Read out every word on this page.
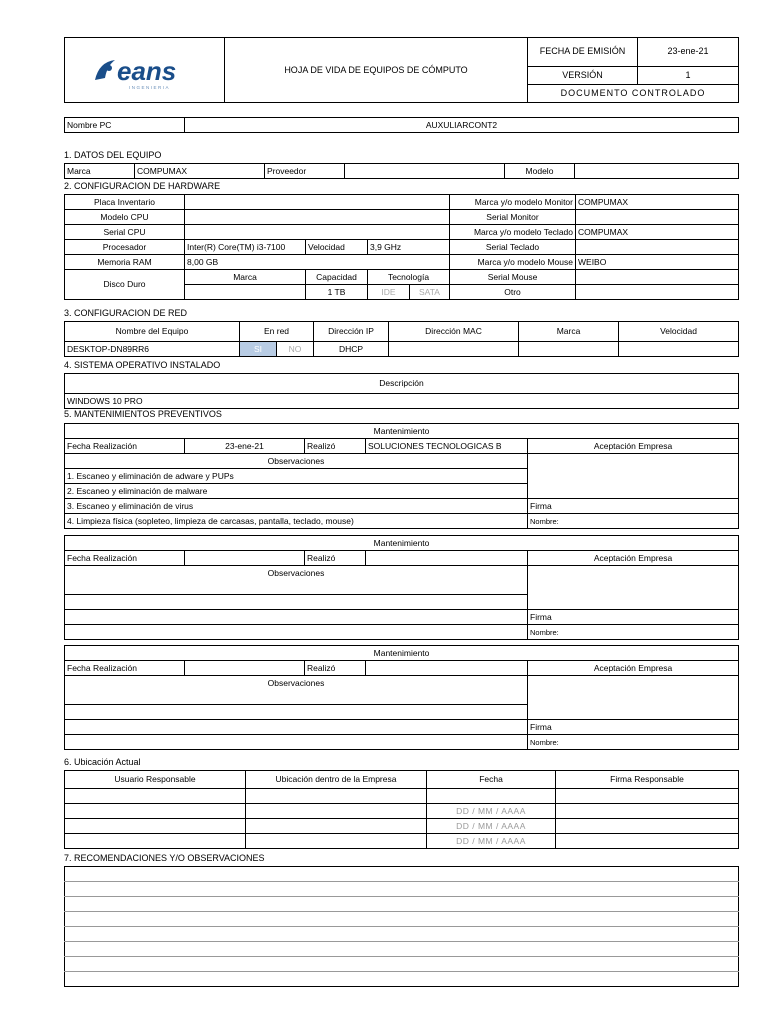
eans
INGENIERIA	HOJA DE VIDA DE EQUIPOS DE CÓMPUTO	FECHA DE EMISIÓN	23-ene-21
		VERSIÓN	1
		DOCUMENTO CONTROLADO	
Nombre PC	AUXULIARCONT2
1. DATOS DEL EQUIPO
Marca	COMPUMAX	Proveedor		Modelo	
2. CONFIGURACION DE HARDWARE
Placa Inventario					Marca y/o modelo Monitor	COMPUMAX
Modelo CPU					Serial Monitor	
Serial CPU					Marca y/o modelo Teclado	COMPUMAX
Procesador	Inter(R) Core(TM) i3-7100	Velocidad	3,9 GHz		Serial Teclado	
Memoria RAM	8,00 GB				Marca y/o modelo Mouse	WEIBO
Disco Duro	Marca	Capacidad	Tecnología		Serial Mouse	
		1 TB	IDE	SATA	Otro	
3. CONFIGURACION DE RED
Nombre del Equipo	En red		Dirección IP	Dirección MAC	Marca	Velocidad
DESKTOP-DN89RR6	SI	NO	DHCP			
4. SISTEMA OPERATIVO INSTALADO
Descripción
WINDOWS 10 PRO
5. MANTENIMIENTOS PREVENTIVOS
Mantenimiento				
Fecha Realización	23-ene-21	Realizó	SOLUCIONES TECNOLOGICAS B	Aceptación Empresa
Observaciones				
1. Escaneo y eliminación de adware y PUPs				
2. Escaneo y eliminación de malware				
3. Escaneo y eliminación de virus				Firma
4. Limpieza física (sopleteo, limpieza de carcasas, pantalla, teclado, mouse)				Nombre:
Mantenimiento				
Fecha Realización		Realizó		Aceptación Empresa
Observaciones				

				Firma
				Nombre:
Mantenimiento				
Fecha Realización		Realizó		Aceptación Empresa
Observaciones				

				Firma
				Nombre:
6. Ubicación Actual
Usuario Responsable	Ubicación dentro de la Empresa	Fecha	Firma Responsable

		DD / MM / AAAA	
		DD / MM / AAAA	
		DD / MM / AAAA	
7. RECOMENDACIONES Y/O OBSERVACIONES
